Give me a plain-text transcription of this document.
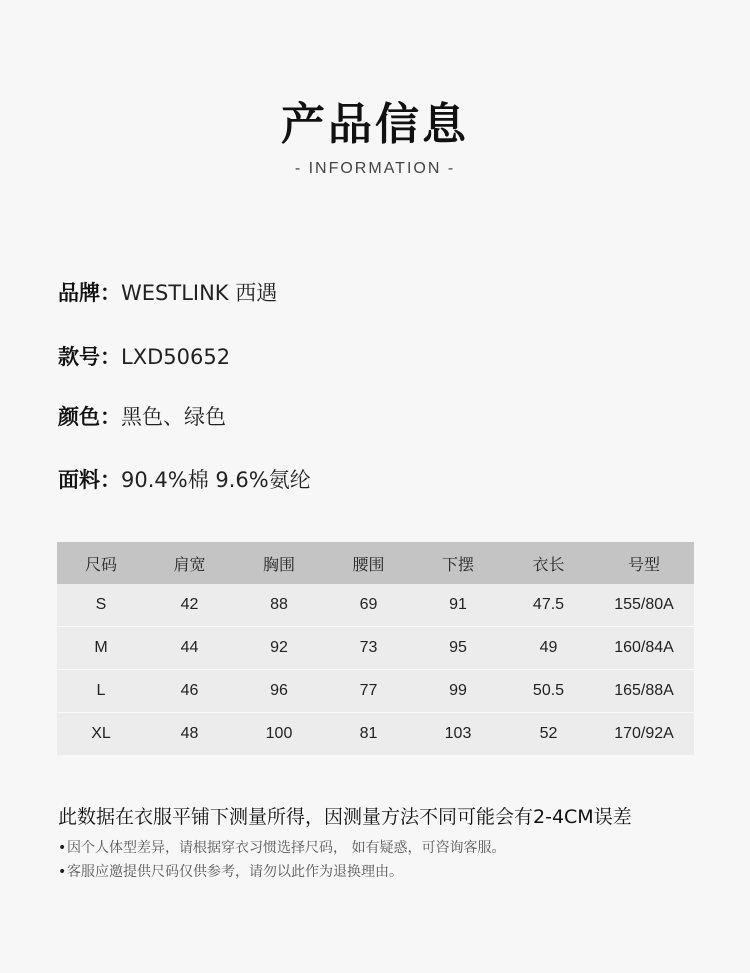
产品信息
- INFORMATION -
品牌：WESTLINK 西遇
款号：LXD50652
颜色：黑色、绿色
面料：90.4%棉 9.6%氨纶
尺码	肩宽	胸围	腰围	下摆	衣长	号型
S	42	88	69	91	47.5	155/80A
M	44	92	73	95	49	160/84A
L	46	96	77	99	50.5	165/88A
XL	48	100	81	103	52	170/92A
此数据在衣服平铺下测量所得，因测量方法不同可能会有2-4CM误差
•因个人体型差异，请根据穿衣习惯选择尺码， 如有疑惑，可咨询客服。
•客服应邀提供尺码仅供参考，请勿以此作为退换理由。
